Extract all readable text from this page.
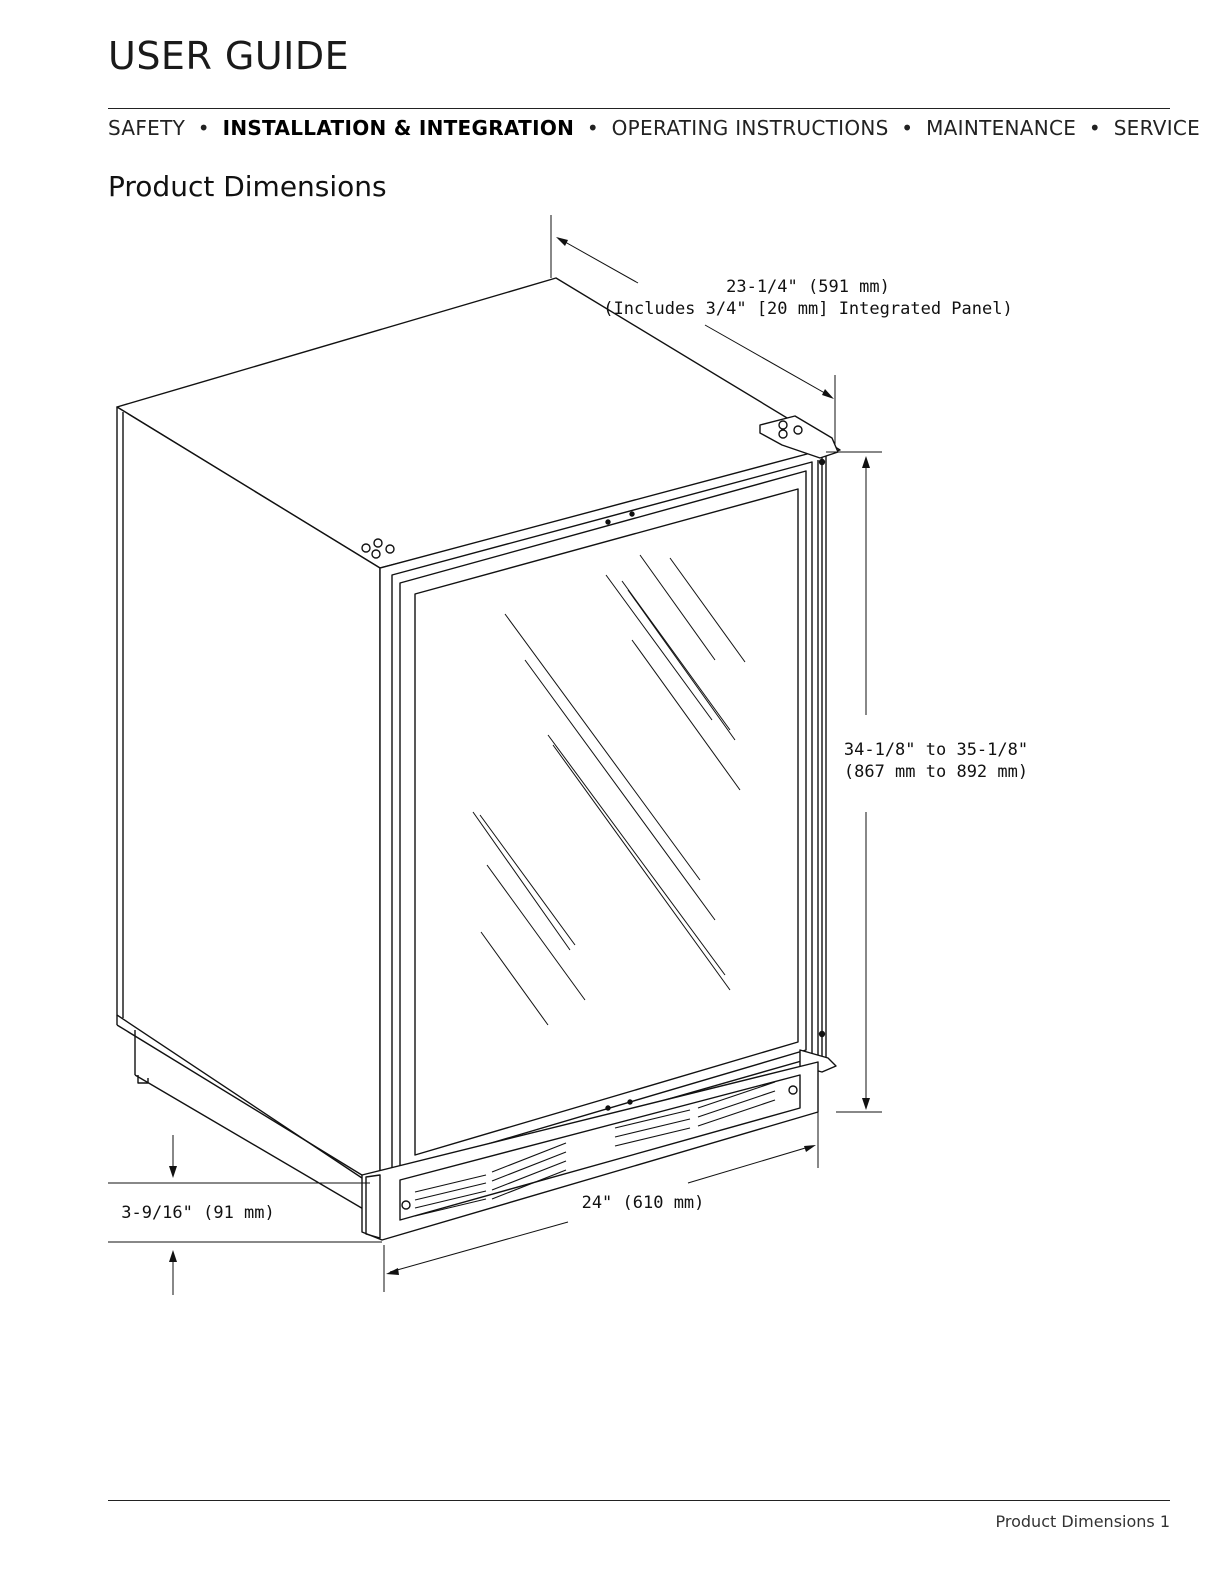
USER GUIDE
SAFETY • INSTALLATION & INTEGRATION • OPERATING INSTRUCTIONS • MAINTENANCE • SERVICE
Product Dimensions
23-1/4" (591 mm)
(Includes 3/4" [20 mm] Integrated Panel)
34-1/8" to 35-1/8"
(867 mm to 892 mm)
3-9/16" (91 mm)	24" (610 mm)
Product Dimensions 1
